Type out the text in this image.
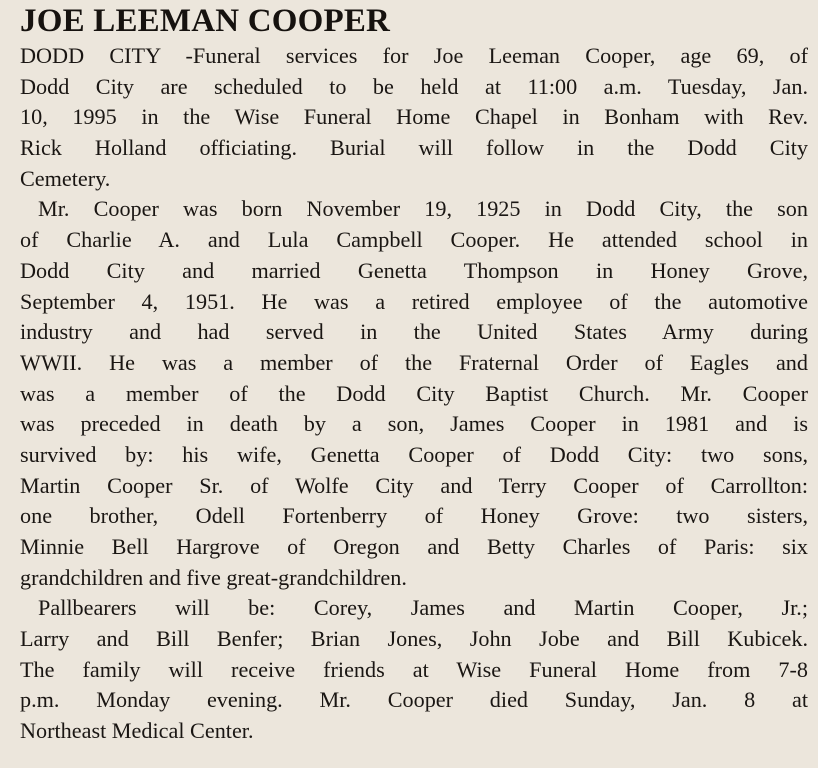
JOE LEEMAN COOPER

DODD CITY -Funeral services for Joe Leeman Cooper, age 69, of
Dodd City are scheduled to be held at 11:00 a.m. Tuesday, Jan.
10, 1995 in the Wise Funeral Home Chapel in Bonham with Rev.
Rick Holland officiating. Burial will follow in the Dodd City
Cemetery.

Mr. Cooper was born November 19, 1925 in Dodd City, the son
of Charlie A. and Lula Campbell Cooper. He attended school in
Dodd City and married Genetta Thompson in Honey Grove,
September 4, 1951. He was a retired employee of the automotive
industry and had served in the United States Army during
WWII. He was a member of the Fraternal Order of Eagles and
was a member of the Dodd City Baptist Church. Mr. Cooper
was preceded in death by a son, James Cooper in 1981 and is
survived by: his wife, Genetta Cooper of Dodd City: two sons,
Martin Cooper Sr. of Wolfe City and Terry Cooper of Carrollton:
one brother, Odell Fortenberry of Honey Grove: two sisters,
Minnie Bell Hargrove of Oregon and Betty Charles of Paris: six
grandchildren and five great-grandchildren.

Pallbearers will be: Corey, James and Martin Cooper, Jr.;
Larry and Bill Benfer; Brian Jones, John Jobe and Bill Kubicek.
The family will receive friends at Wise Funeral Home from 7-8
p.m. Monday evening. Mr. Cooper died Sunday, Jan. 8 at
Northeast Medical Center.
